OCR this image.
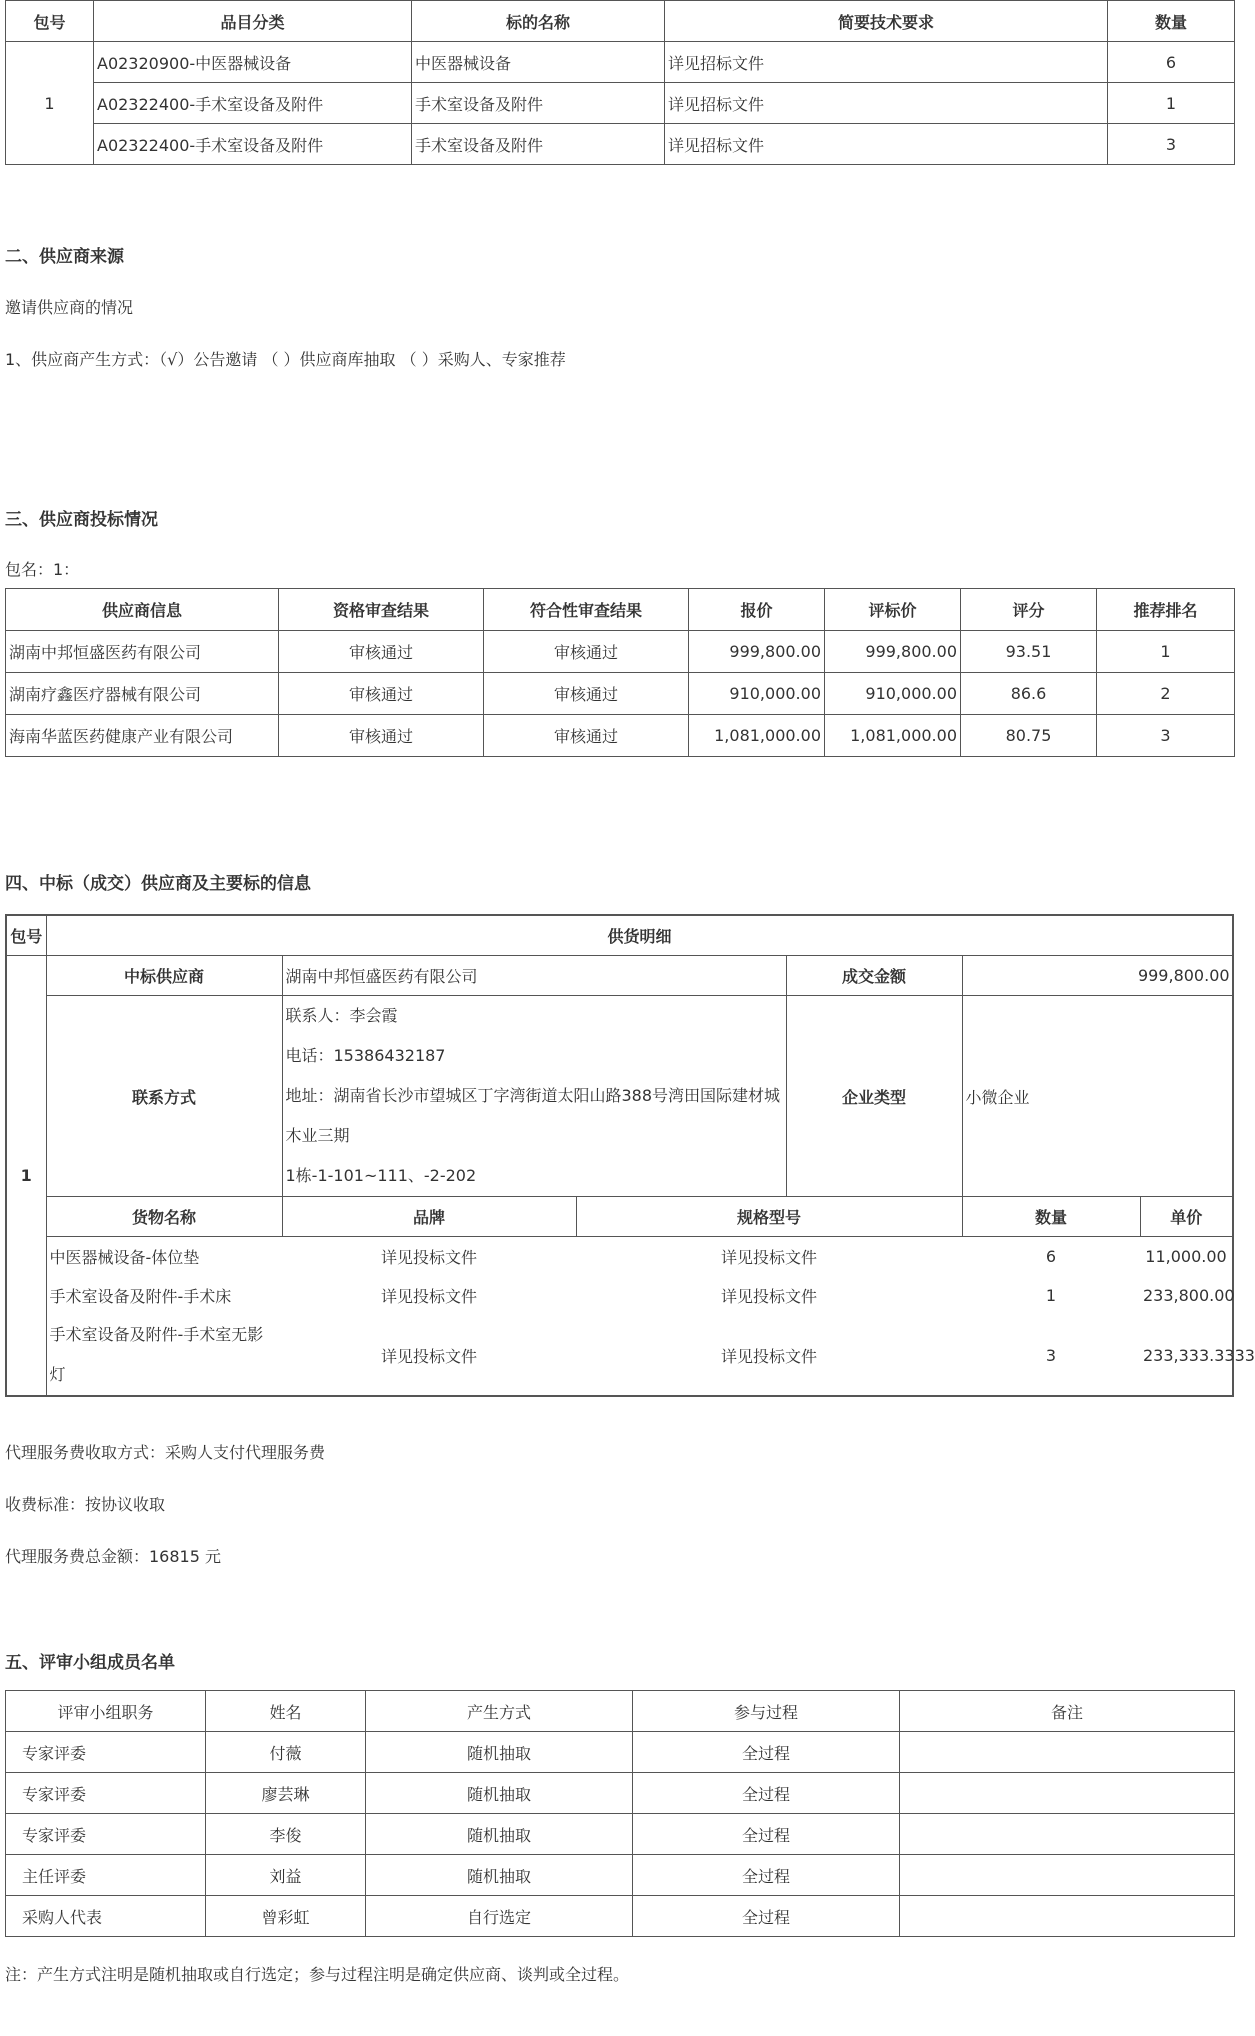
包号	品目分类	标的名称	简要技术要求	数量
1	A02320900-中医器械设备	中医器械设备	详见招标文件	6
	A02322400-手术室设备及附件	手术室设备及附件	详见招标文件	1
	A02322400-手术室设备及附件	手术室设备及附件	详见招标文件	3
二、供应商来源
邀请供应商的情况
1、供应商产生方式：（√）公告邀请 （ ）供应商库抽取 （ ）采购人、专家推荐
三、供应商投标情况
包名：1：
供应商信息	资格审查结果	符合性审查结果	报价	评标价	评分	推荐排名
湖南中邦恒盛医药有限公司	审核通过	审核通过	999,800.00	999,800.00	93.51	1
湖南疗鑫医疗器械有限公司	审核通过	审核通过	910,000.00	910,000.00	86.6	2
海南华蓝医药健康产业有限公司	审核通过	审核通过	1,081,000.00	1,081,000.00	80.75	3
四、中标（成交）供应商及主要标的信息
包号	供货明细					
1	中标供应商	湖南中邦恒盛医药有限公司		成交金额	999,800.00	
	联系方式	联系人：李会霞
电话：15386432187
地址：湖南省长沙市望城区丁字湾街道太阳山路388号湾田国际建材城木业三期
1栋-1-101~111、-2-202		企业类型	小微企业	
	货物名称	品牌	规格型号		数量	单价
	中医器械设备-体位垫	详见投标文件	详见投标文件		6	11,000.00
	手术室设备及附件-手术床	详见投标文件	详见投标文件		1	233,800.00
	手术室设备及附件-手术室无影灯	详见投标文件	详见投标文件		3	233,333.3333
代理服务费收取方式：采购人支付代理服务费
收费标准：按协议收取
代理服务费总金额：16815 元
五、评审小组成员名单
评审小组职务	姓名	产生方式	参与过程	备注
专家评委	付薇	随机抽取	全过程	
专家评委	廖芸琳	随机抽取	全过程	
专家评委	李俊	随机抽取	全过程	
主任评委	刘益	随机抽取	全过程	
采购人代表	曾彩虹	自行选定	全过程	
注：产生方式注明是随机抽取或自行选定；参与过程注明是确定供应商、谈判或全过程。
